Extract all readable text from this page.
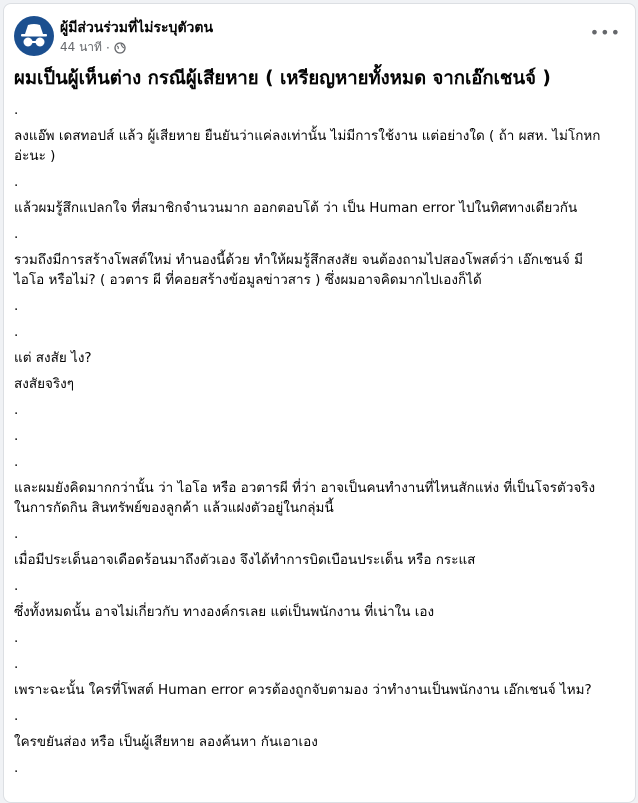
ผู้มีส่วนร่วมที่ไม่ระบุตัวตน
44 นาที ·
•••
ผมเป็นผู้เห็นต่าง กรณีผู้เสียหาย ( เหรียญหายทั้งหมด จากเอ๊กเชนจ์ )
.
ลงแอ๊พ เดสทอปส์ แล้ว ผู้เสียหาย ยืนยันว่าแค่ลงเท่านั้น ไม่มีการใช้งาน แต่อย่างใด ( ถ้า ผสห. ไม่โกหก อ่ะนะ )
.
แล้วผมรู้สึกแปลกใจ ที่สมาชิกจำนวนมาก ออกตอบโต้ ว่า เป็น Human error ไปในทิศทางเดียวกัน
.
รวมถึงมีการสร้างโพสต์ใหม่ ทำนองนี้ด้วย ทำให้ผมรู้สึกสงสัย จนต้องถามไปสองโพสต์ว่า เอ๊กเชนจ์ มี ไอโอ หรือไม่? ( อวตาร ผี ที่คอยสร้างข้อมูลข่าวสาร ) ซึ่งผมอาจคิดมากไปเองก็ได้
.
.
แต่ สงสัย ไง?
สงสัยจริงๆ
.
.
.
และผมยังคิดมากกว่านั้น ว่า ไอโอ หรือ อวตารผี ที่ว่า อาจเป็นคนทำงานที่ไหนสักแห่ง ที่เป็นโจรตัวจริง ในการกัดกิน สินทรัพย์ของลูกค้า แล้วแฝงตัวอยู่ในกลุ่มนี้
.
เมื่อมีประเด็นอาจเดือดร้อนมาถึงตัวเอง จึงได้ทำการบิดเบือนประเด็น หรือ กระแส
.
ซึ่งทั้งหมดนั้น อาจไม่เกี่ยวกับ ทางองค์กรเลย แต่เป็นพนักงาน ที่เน่าใน เอง
.
.
เพราะฉะนั้น ใครที่โพสต์ Human error ควรต้องถูกจับตามอง ว่าทำงานเป็นพนักงาน เอ๊กเชนจ์ ไหม?
.
ใครขยันส่อง หรือ เป็นผู้เสียหาย ลองค้นหา กันเอาเอง
.
